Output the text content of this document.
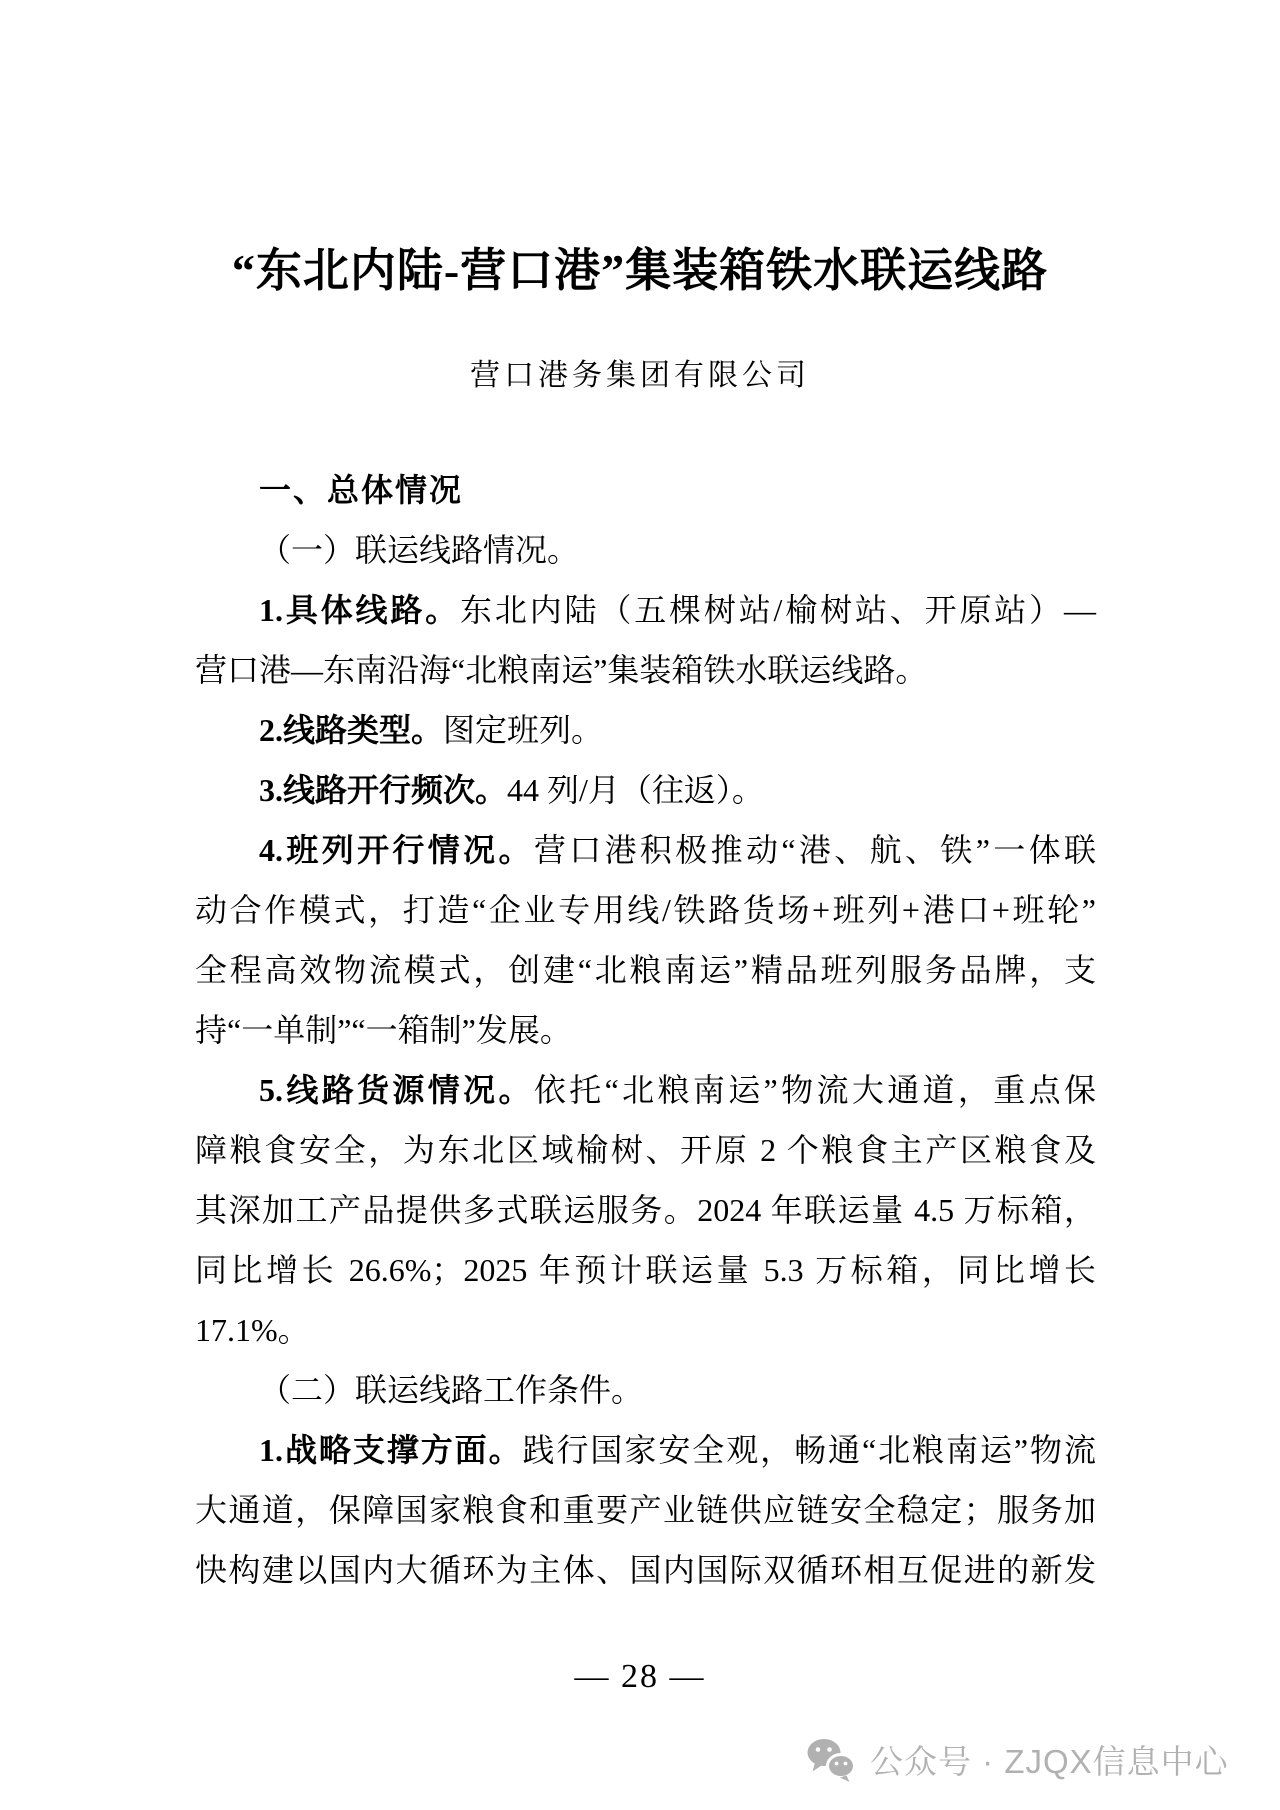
“东北内陆-营口港”集装箱铁水联运线路
营口港务集团有限公司
一、总体情况
（一）联运线路情况。
1.具体线路。东北内陆（五棵树站/榆树站、开原站）—
营口港—东南沿海“北粮南运”集装箱铁水联运线路。
2.线路类型。图定班列。
3.线路开行频次。44 列/月（往返）。
4.班列开行情况。营口港积极推动“港、航、铁”一体联
动合作模式，打造“企业专用线/铁路货场+班列+港口+班轮”
全程高效物流模式，创建“北粮南运”精品班列服务品牌，支
持“一单制”“一箱制”发展。
5.线路货源情况。依托“北粮南运”物流大通道，重点保
障粮食安全，为东北区域榆树、开原 2 个粮食主产区粮食及
其深加工产品提供多式联运服务。2024 年联运量 4.5 万标箱，
同比增长 26.6%；2025 年预计联运量 5.3 万标箱，同比增长
17.1%。
（二）联运线路工作条件。
1.战略支撑方面。践行国家安全观，畅通“北粮南运”物流
大通道，保障国家粮食和重要产业链供应链安全稳定；服务加
快构建以国内大循环为主体、国内国际双循环相互促进的新发
— 28 —
公众号 · ZJQX信息中心
